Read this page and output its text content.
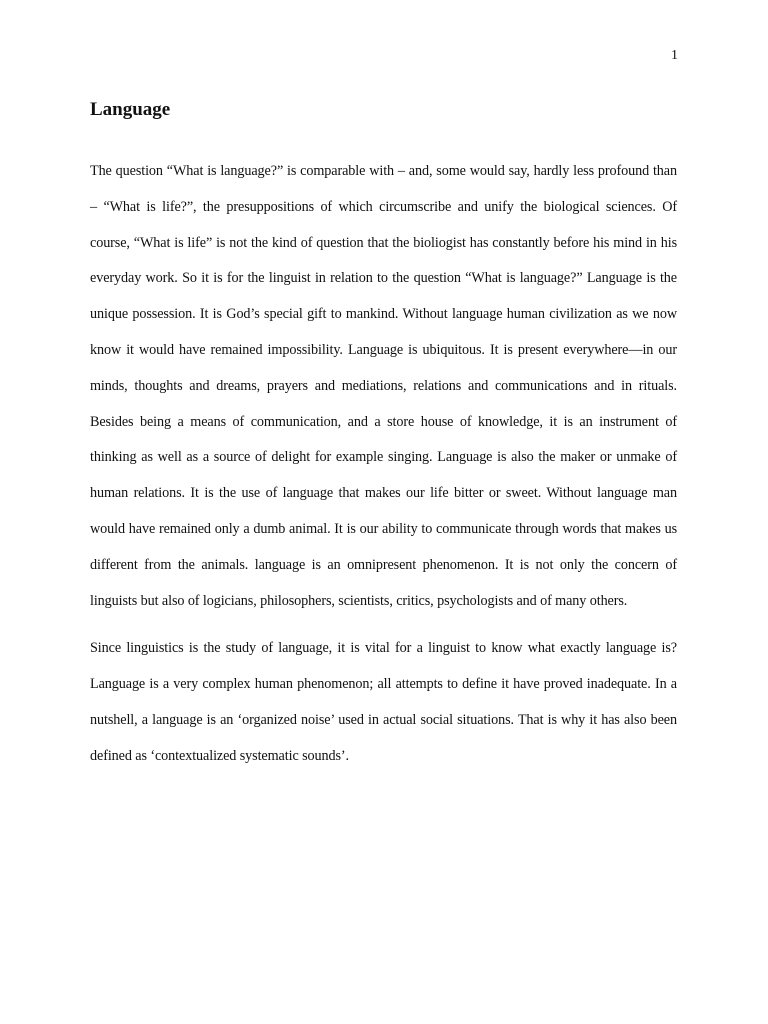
1
Language

The question “What is language?” is comparable with – and, some would say, hardly less profound than – “What is life?”, the presuppositions of which circumscribe and unify the biological sciences. Of course, “What is life” is not the kind of question that the bioliogist has constantly before his mind in his everyday work. So it is for the linguist in relation to the question “What is language?” Language is the unique possession. It is God’s special gift to mankind. Without language human civilization as we now know it would have remained impossibility. Language is ubiquitous. It is present everywhere—in our minds, thoughts and dreams, prayers and mediations, relations and communications and in rituals. Besides being a means of communication, and a store house of knowledge, it is an instrument of thinking as well as a source of delight for example singing. Language is also the maker or unmake of human relations. It is the use of language that makes our life bitter or sweet. Without language man would have remained only a dumb animal. It is our ability to communicate through words that makes us different from the animals. language is an omnipresent phenomenon. It is not only the concern of linguists but also of logicians, philosophers, scientists, critics, psychologists and of many others.

Since linguistics is the study of language, it is vital for a linguist to know what exactly language is? Language is a very complex human phenomenon; all attempts to define it have proved inadequate. In a nutshell, a language is an ‘organized noise’ used in actual social situations. That is why it has also been defined as ‘contextualized systematic sounds’.
